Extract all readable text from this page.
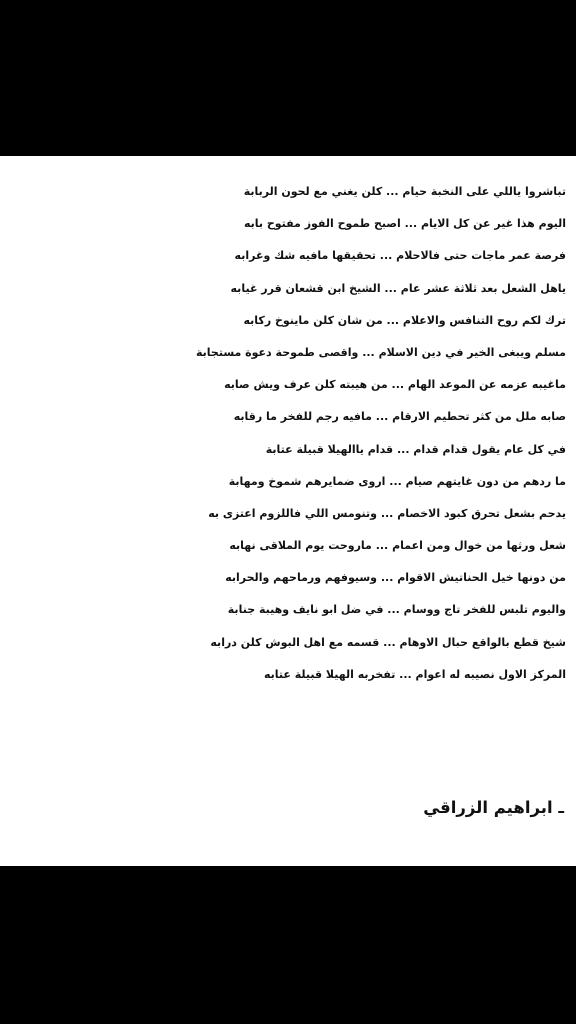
تباشروا ياللي على النخبة حيام ... كلن يغني مع لحون الربابة
اليوم هذا غير عن كل الايام ... اصبح طموح الفوز مفتوح بابه
فرصة عمر ماجات حتى فالاحلام ... تحقيقها مافيه شك وغرابه
ياهل الشعل بعد ثلاثة عشر عام ... الشيخ ابن قشعان قرر غيابه
ترك لكم روح التنافس والاعلام ... من شان كلن ماينوخ ركابه
مسلم ويبغى الخير في دين الاسلام ... واقصى طموحة دعوة مستجابة
ماغيبه عزمه عن الموعد الهام ... من هيبته كلن عرف ويش صابه
صابه ملل من كثر تحطيم الارقام ... مافيه رجم للفخر ما رقابه
في كل عام يقول قدام قدام ... قدام ياالهيلا قبيلة عتابة
ما ردهم من دون غايتهم صيام ... اروى ضمايرهم شموخ ومهابة
يدحم بشعل تحرق كبود الاخصام ... وتنومس اللي فاللزوم اعتزى به
شعل ورثها من خوال ومن اعمام ... ماروحت يوم الملاقى نهابه
من دونها خيل الحناتيش الاقوام ... وسيوفهم ورماحهم والحرابه
واليوم تلبس للفخر تاج ووسام ... في ضل ابو نايف وهيبة جنابة
شيخ قطع بالواقع حبال الاوهام ... قسمه مع اهل البوش كلن درابه
المركز الاول نصيبه له اعوام ... تفخربه الهيلا قبيلة عتابه
ـ ابراهيم الزراقي
